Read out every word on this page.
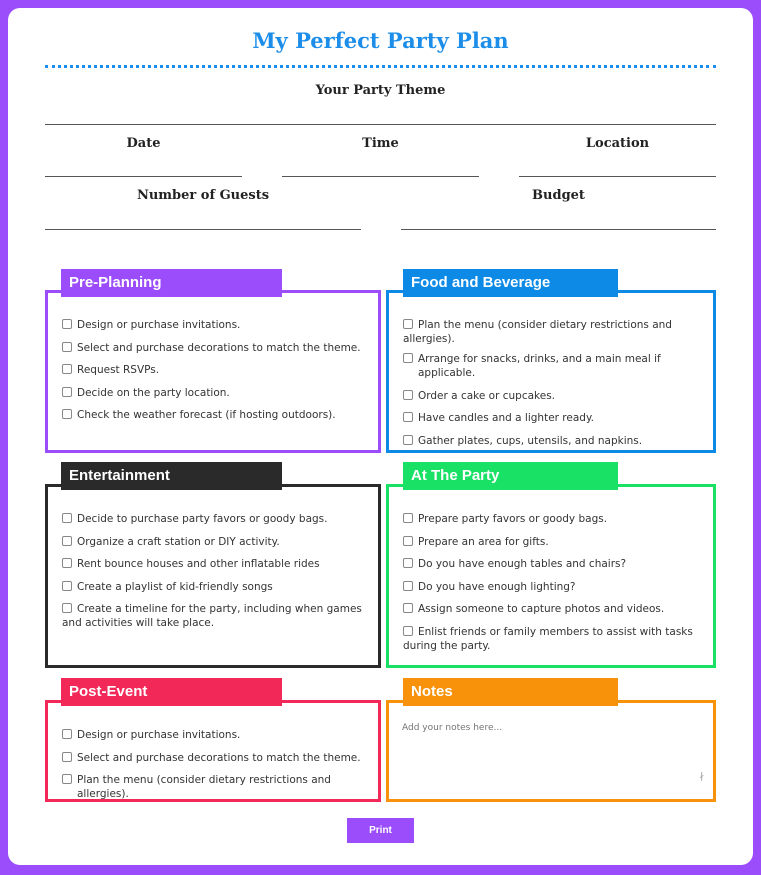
My Perfect Party Plan
Your Party Theme
Date	Time	Location
Number of Guests	Budget
Design or purchase invitations.
Select and purchase decorations to match the theme.
Request RSVPs.
Decide on the party location.
Check the weather forecast (if hosting outdoors).
Pre-Planning
Plan the menu (consider dietary restrictions and allergies).
Arrange for snacks, drinks, and a main meal if applicable.
Order a cake or cupcakes.
Have candles and a lighter ready.
Gather plates, cups, utensils, and napkins.
Food and Beverage
Decide to purchase party favors or goody bags.
Organize a craft station or DIY activity.
Rent bounce houses and other inflatable rides
Create a playlist of kid-friendly songs
Create a timeline for the party, including when games and activities will take place.
Entertainment
Prepare party favors or goody bags.
Prepare an area for gifts.
Do you have enough tables and chairs?
Do you have enough lighting?
Assign someone to capture photos and videos.
Enlist friends or family members to assist with tasks during the party.
At The Party
Design or purchase invitations.
Select and purchase decorations to match the theme.
Plan the menu (consider dietary restrictions and allergies).
Post-Event
Add your notes here...
∤
Notes
Print
